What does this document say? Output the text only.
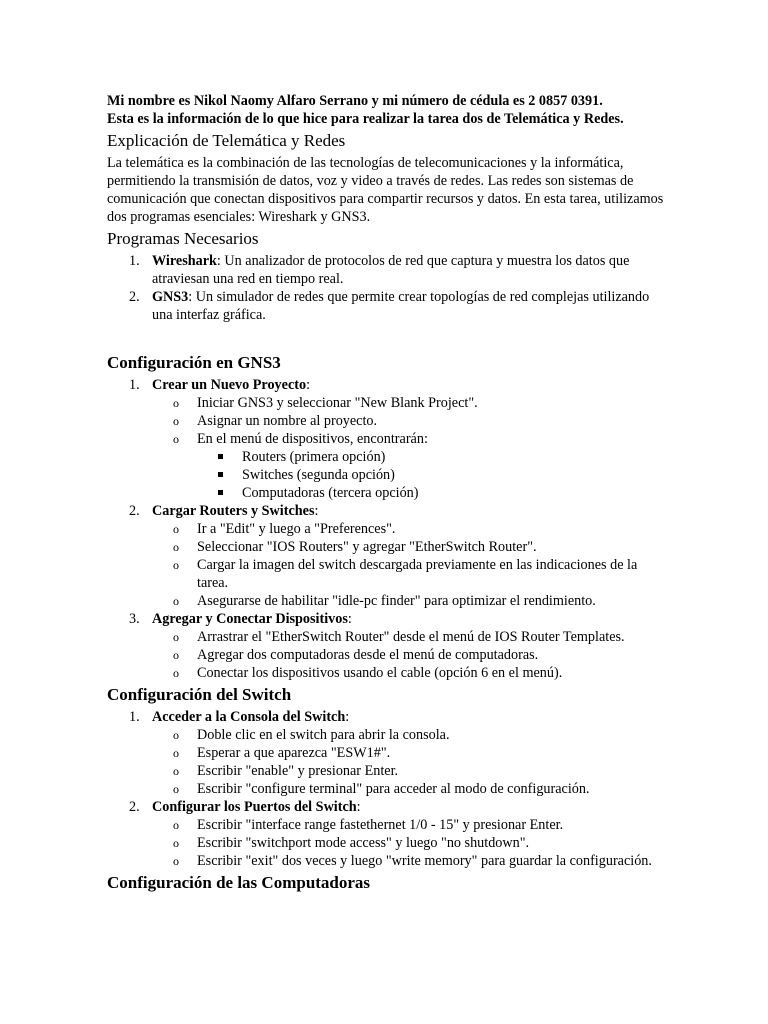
Mi nombre es Nikol Naomy Alfaro Serrano y mi número de cédula es 2 0857 0391.

Esta es la información de lo que hice para realizar la tarea dos de Telemática y Redes.

Explicación de Telemática y Redes

La telemática es la combinación de las tecnologías de telecomunicaciones y la informática, permitiendo la transmisión de datos, voz y video a través de redes. Las redes son sistemas de comunicación que conectan dispositivos para compartir recursos y datos. En esta tarea, utilizamos dos programas esenciales: Wireshark y GNS3.

Programas Necesarios
1. Wireshark: Un analizador de protocolos de red que captura y muestra los datos que atraviesan una red en tiempo real.
2. GNS3: Un simulador de redes que permite crear topologías de red complejas utilizando una interfaz gráfica.
Configuración en GNS3
1. Crear un Nuevo Proyecto:
o Iniciar GNS3 y seleccionar "New Blank Project".
o Asignar un nombre al proyecto.
o En el menú de dispositivos, encontrarán:
Routers (primera opción)
Switches (segunda opción)
Computadoras (tercera opción)
2. Cargar Routers y Switches:
o Ir a "Edit" y luego a "Preferences".
o Seleccionar "IOS Routers" y agregar "EtherSwitch Router".
o Cargar la imagen del switch descargada previamente en las indicaciones de la tarea.
o Asegurarse de habilitar "idle-pc finder" para optimizar el rendimiento.
3. Agregar y Conectar Dispositivos:
o Arrastrar el "EtherSwitch Router" desde el menú de IOS Router Templates.
o Agregar dos computadoras desde el menú de computadoras.
o Conectar los dispositivos usando el cable (opción 6 en el menú).
Configuración del Switch
1. Acceder a la Consola del Switch:
o Doble clic en el switch para abrir la consola.
o Esperar a que aparezca "ESW1#".
o Escribir "enable" y presionar Enter.
o Escribir "configure terminal" para acceder al modo de configuración.
2. Configurar los Puertos del Switch:
o Escribir "interface range fastethernet 1/0 - 15" y presionar Enter.
o Escribir "switchport mode access" y luego "no shutdown".
o Escribir "exit" dos veces y luego "write memory" para guardar la configuración.
Configuración de las Computadoras
